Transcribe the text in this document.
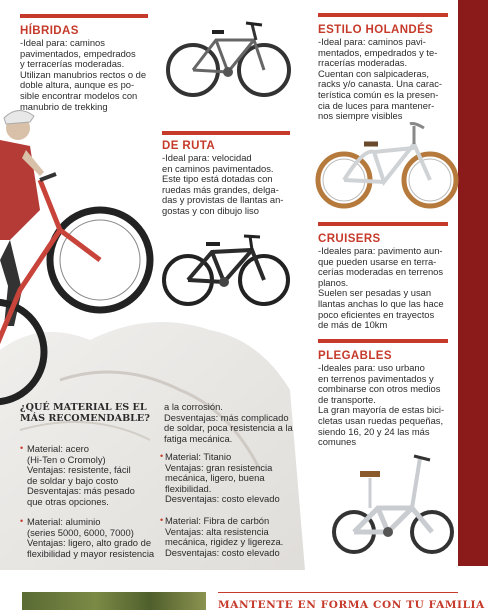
HÍBRIDAS

-Ideal para: caminos
pavimentados, empedrados
y terracerías moderadas.
Utilizan manubrios rectos o de
doble altura, aunque es po-
sible encontrar modelos con
manubrio de trekking

DE RUTA

-Ideal para: velocidad
en caminos pavimentados.
Este tipo está dotadas con
ruedas más grandes, delga-
das y provistas de llantas an-
gostas y con dibujo liso

ESTILO HOLANDÉS

-Ideal para: caminos pavi-
mentados, empedrados y te-
rracerías moderadas.
Cuentan con salpicaderas,
racks y/o canasta. Una carac-
terística común es la presen-
cia de luces para mantener-
nos siempre visibles

CRUISERS

-Ideales para: pavimento aun-
que pueden usarse en terra-
cerías moderadas en terrenos
planos.
Suelen ser pesadas y usan
llantas anchas lo que las hace
poco eficientes en trayectos
de más de 10km

PLEGABLES

-Ideales para: uso urbano
en terrenos pavimentados y
combinarse con otros medios
de transporte.
La gran mayoría de estas bici-
cletas usan ruedas pequeñas,
siendo 16, 20 y 24 las más
comunes

¿QUÉ MATERIAL ES EL
MÁS RECOMENDABLE?

• Material: acero
(Hi-Ten o Cromoly)
Ventajas: resistente, fácil
de soldar y bajo costo
Desventajas: más pesado
que otras opciones.

• Material: aluminio
(series 5000, 6000, 7000)
Ventajas: ligero, alto grado de
flexibilidad y mayor resistencia

a la corrosión.
Desventajas: más complicado
de soldar, poca resistencia a la
fatiga mecánica.

• Material: Titanio
Ventajas: gran resistencia
mecánica, ligero, buena
flexibilidad.
Desventajas: costo elevado

• Material: Fibra de carbón
Ventajas: alta resistencia
mecánica, rigidez y ligereza.
Desventajas: costo elevado

MANTENTE EN FORMA CON TU FAMILIA
